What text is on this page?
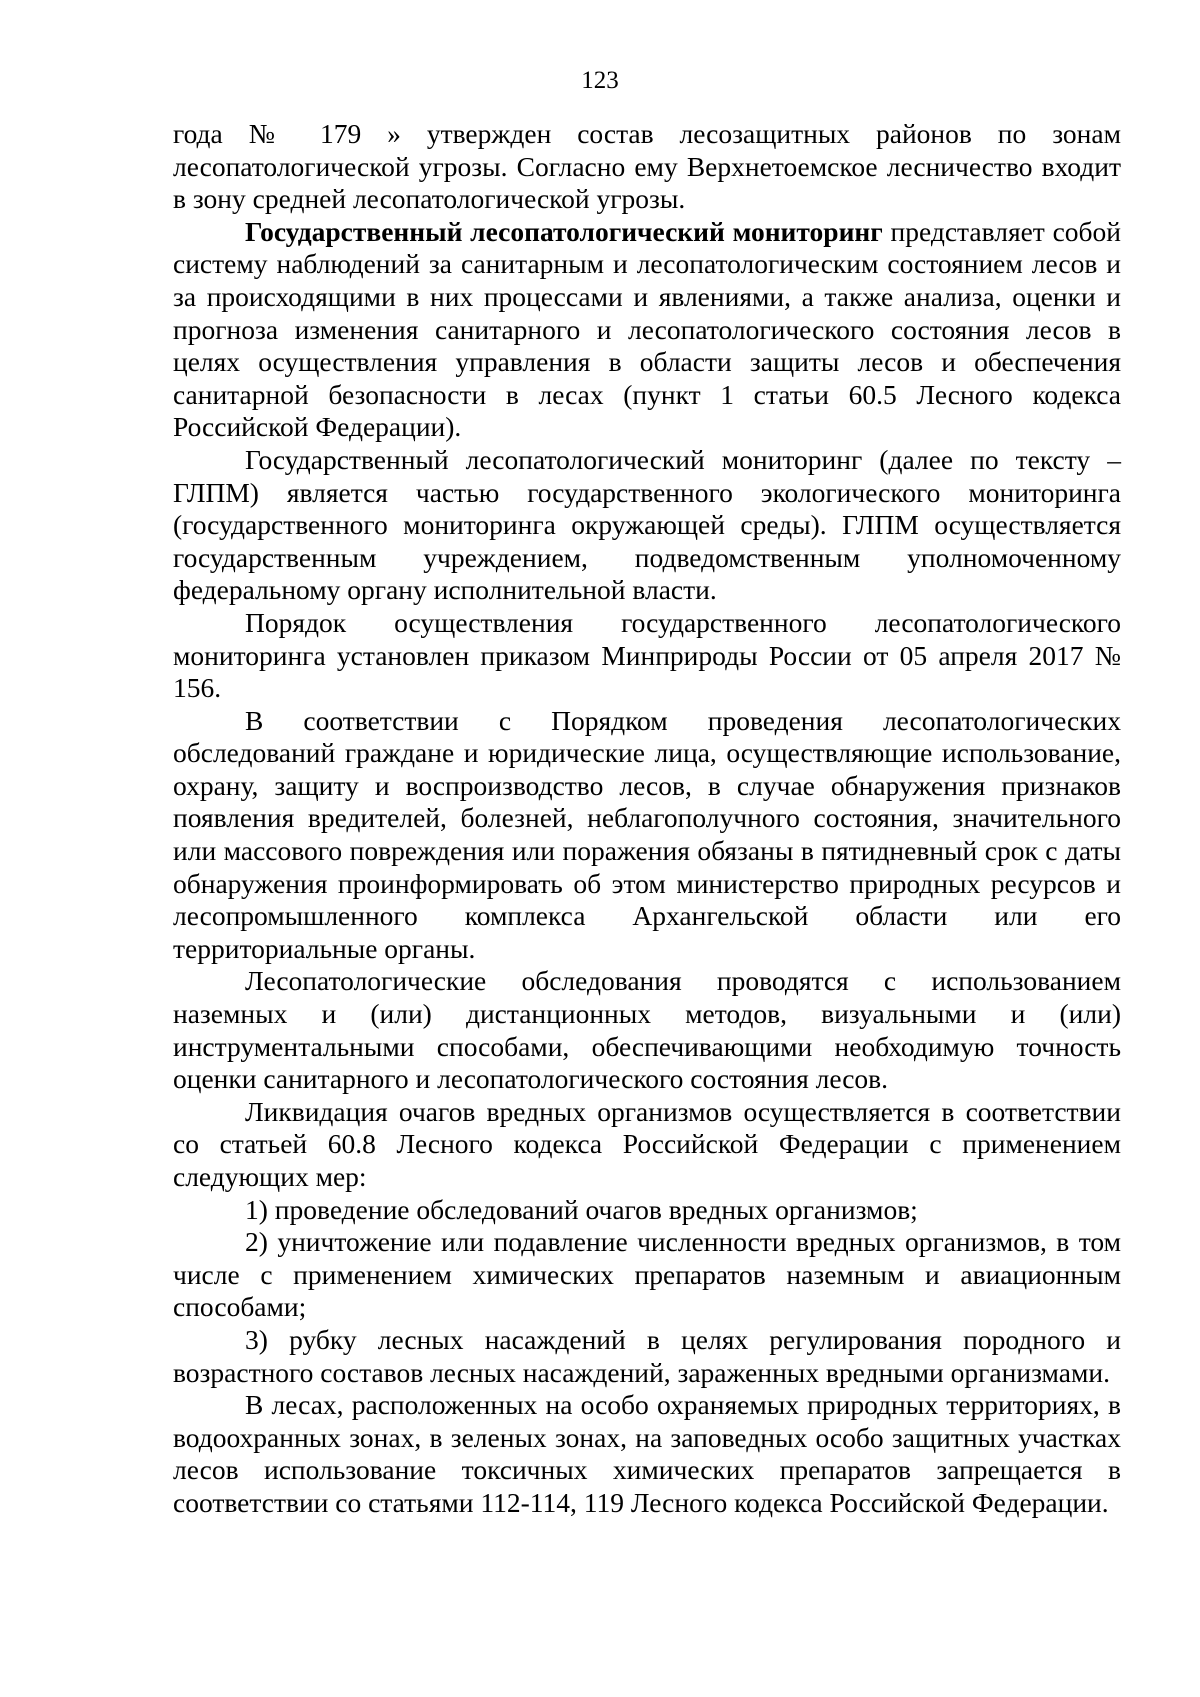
123

года № 179 » утвержден состав лесозащитных районов по зонам лесопатологической угрозы. Согласно ему Верхнетоемское лесничество входит в зону средней лесопатологической угрозы.

Государственный лесопатологический мониторинг представляет собой систему наблюдений за санитарным и лесопатологическим состоянием лесов и за происходящими в них процессами и явлениями, а также анализа, оценки и прогноза изменения санитарного и лесопатологического состояния лесов в целях осуществления управления в области защиты лесов и обеспечения санитарной безопасности в лесах (пункт 1 статьи 60.5 Лесного кодекса Российской Федерации).

Государственный лесопатологический мониторинг (далее по тексту – ГЛПМ) является частью государственного экологического мониторинга (государственного мониторинга окружающей среды). ГЛПМ осуществляется государственным учреждением, подведомственным уполномоченному федеральному органу исполнительной власти.

Порядок осуществления государственного лесопатологического мониторинга установлен приказом Минприроды России от 05 апреля 2017 № 156.

В соответствии с Порядком проведения лесопатологических обследований граждане и юридические лица, осуществляющие использование, охрану, защиту и воспроизводство лесов, в случае обнаружения признаков появления вредителей, болезней, неблагополучного состояния, значительного или массового повреждения или поражения обязаны в пятидневный срок с даты обнаружения проинформировать об этом министерство природных ресурсов и лесопромышленного комплекса Архангельской области или его территориальные органы.

Лесопатологические обследования проводятся с использованием наземных и (или) дистанционных методов, визуальными и (или) инструментальными способами, обеспечивающими необходимую точность оценки санитарного и лесопатологического состояния лесов.

Ликвидация очагов вредных организмов осуществляется в соответствии со статьей 60.8 Лесного кодекса Российской Федерации с применением следующих мер:

1) проведение обследований очагов вредных организмов;

2) уничтожение или подавление численности вредных организмов, в том числе с применением химических препаратов наземным и авиационным способами;

3) рубку лесных насаждений в целях регулирования породного и возрастного составов лесных насаждений, зараженных вредными организмами.

В лесах, расположенных на особо охраняемых природных территориях, в водоохранных зонах, в зеленых зонах, на заповедных особо защитных участках лесов использование токсичных химических препаратов запрещается в соответствии со статьями 112-114, 119 Лесного кодекса Российской Федерации.
